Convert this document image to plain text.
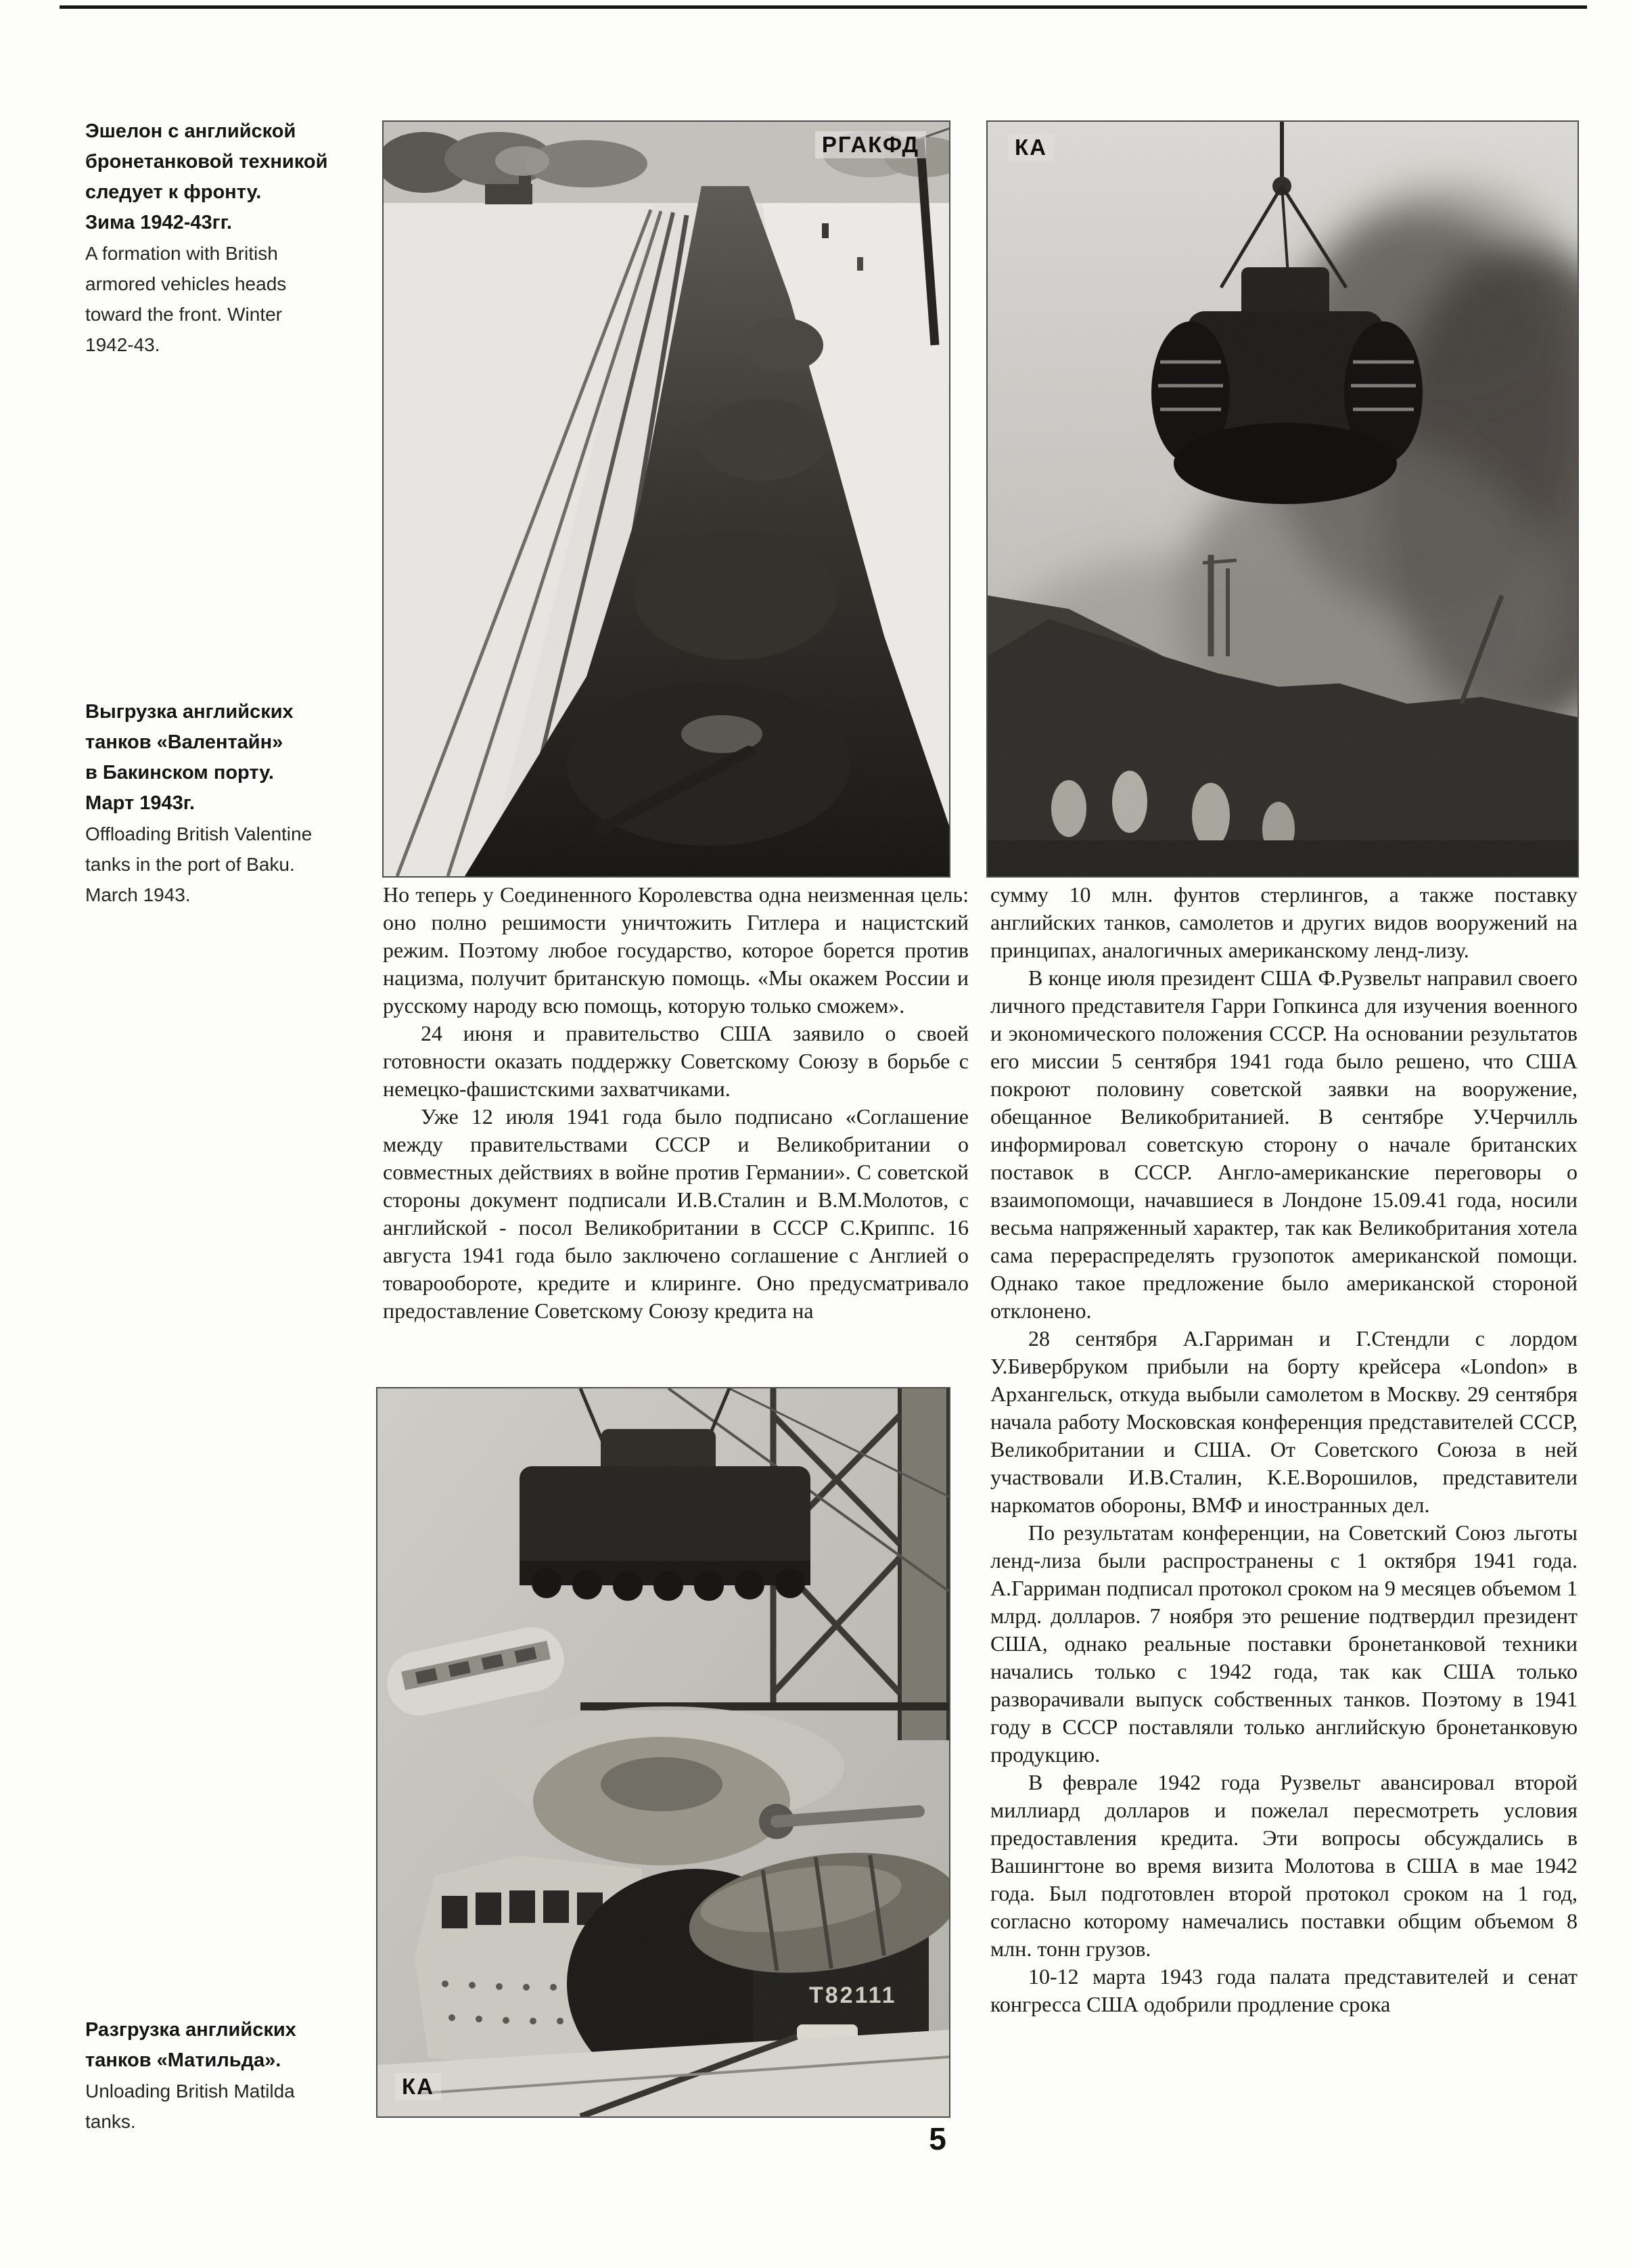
Эшелон с английской
бронетанковой техникой
следует к фронту.
Зима 1942-43гг.
A formation with British
armored vehicles heads
toward the front. Winter
1942-43.
Выгрузка английских
танков «Валентайн»
в Бакинском порту.
Март 1943г.
Offloading British Valentine
tanks in the port of Baku.
March 1943.
Разгрузка английских
танков «Матильда».
Unloading British Matilda
tanks.
РГАКФД	КА
Т82111
КА

Но теперь у Соединенного Королевства одна неизменная цель: оно полно решимости уничтожить Гитлера и нацистский режим. Поэтому любое государство, которое борется против нацизма, получит британскую помощь. «Мы окажем России и русскому народу всю помощь, которую только сможем».

24 июня и правительство США заявило о своей готовности оказать поддержку Советскому Союзу в борьбе с немецко-фашистскими захватчиками.

Уже 12 июля 1941 года было подписано «Соглашение между правительствами СССР и Великобритании о совместных действиях в войне против Германии». С советской стороны документ подписали И.В.Сталин и В.М.Молотов, с английской - посол Великобритании в СССР С.Криппс. 16 августа 1941 года было заключено соглашение с Англией о товарообороте, кредите и клиринге. Оно предусматривало предоставление Советскому Союзу кредита на

сумму 10 млн. фунтов стерлингов, а также поставку английских танков, самолетов и других видов вооружений на принципах, аналогичных американскому ленд-лизу.

В конце июля президент США Ф.Рузвельт направил своего личного представителя Гарри Гопкинса для изучения военного и экономического положения СССР. На основании результатов его миссии 5 сентября 1941 года было решено, что США покроют половину советской заявки на вооружение, обещанное Великобританией. В сентябре У.Черчилль информировал советскую сторону о начале британских поставок в СССР. Англо-американские переговоры о взаимопомощи, начавшиеся в Лондоне 15.09.41 года, носили весьма напряженный характер, так как Великобритания хотела сама перераспределять грузопоток американской помощи. Однако такое предложение было американской стороной отклонено.

28 сентября А.Гарриман и Г.Стендли с лордом У.Бивербруком прибыли на борту крейсера «London» в Архангельск, откуда выбыли самолетом в Москву. 29 сентября начала работу Московская конференция представителей СССР, Великобритании и США. От Советского Союза в ней участвовали И.В.Сталин, К.Е.Ворошилов, представители наркоматов обороны, ВМФ и иностранных дел.

По результатам конференции, на Советский Союз льготы ленд-лиза были распространены с 1 октября 1941 года. А.Гарриман подписал протокол сроком на 9 месяцев объемом 1 млрд. долларов. 7 ноября это решение подтвердил президент США, однако реальные поставки бронетанковой техники начались только с 1942 года, так как США только разворачивали выпуск собственных танков. Поэтому в 1941 году в СССР поставляли только английскую бронетанковую продукцию.

В феврале 1942 года Рузвельт авансировал второй миллиард долларов и пожелал пересмотреть условия предоставления кредита. Эти вопросы обсуждались в Вашингтоне во время визита Молотова в США в мае 1942 года. Был подготовлен второй протокол сроком на 1 год, согласно которому намечались поставки общим объемом 8 млн. тонн грузов.

10-12 марта 1943 года палата представителей и сенат конгресса США одобрили продление срока

5
